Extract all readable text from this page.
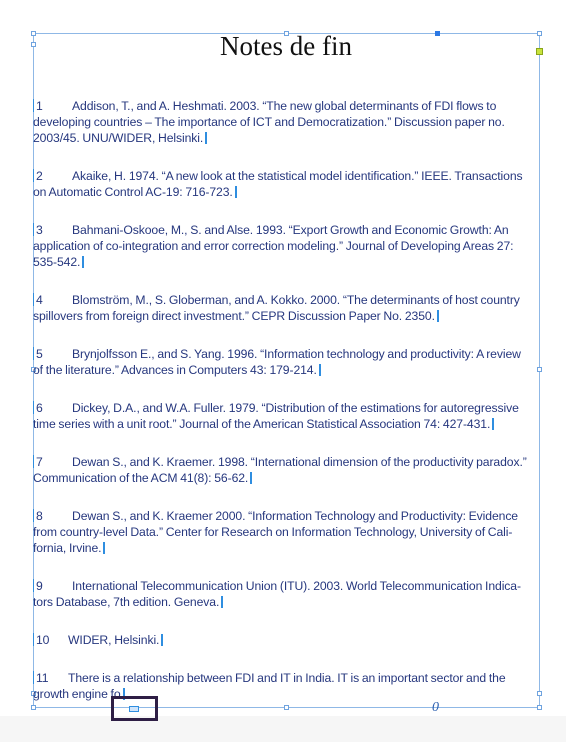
Notes de fin

1 Addison, T., and A. Heshmati. 2003. “The new global determinants of FDI flows to developing countries – The importance of ICT and Democratization.” Discussion paper no. 2003/45. UNU/WIDER, Helsinki.

2 Akaike, H. 1974. “A new look at the statistical model identification.” IEEE. Transactions on Automatic Control AC-19: 716-723.

3 Bahmani-Oskooe, M., S. and Alse. 1993. “Export Growth and Economic Growth: An application of co-integration and error correction modeling.” Journal of Developing Areas 27: 535-542.

4 Blomström, M., S. Globerman, and A. Kokko. 2000. “The determinants of host country spillovers from foreign direct investment.” CEPR Discussion Paper No. 2350.

5 Brynjolfsson E., and S. Yang. 1996. “Information technology and productivity: A review of the literature.” Advances in Computers 43: 179-214.

6 Dickey, D.A., and W.A. Fuller. 1979. “Distribution of the estimations for autoregressive time series with a unit root.” Journal of the American Statistical Association 74: 427-431.

7 Dewan S., and K. Kraemer. 1998. “International dimension of the productivity paradox.” Communication of the ACM 41(8): 56-62.

8 Dewan S., and K. Kraemer 2000. “Information Technology and Productivity: Evidence from country-level Data.” Center for Research on Information Technology, University of Cali-fornia, Irvine.

9 International Telecommunication Union (ITU). 2003. World Telecommunication Indica-tors Database, 7th edition. Geneva.

10 WIDER, Helsinki.

11 There is a relationship between FDI and IT in India. IT is an important sector and the growth engine fo

0
